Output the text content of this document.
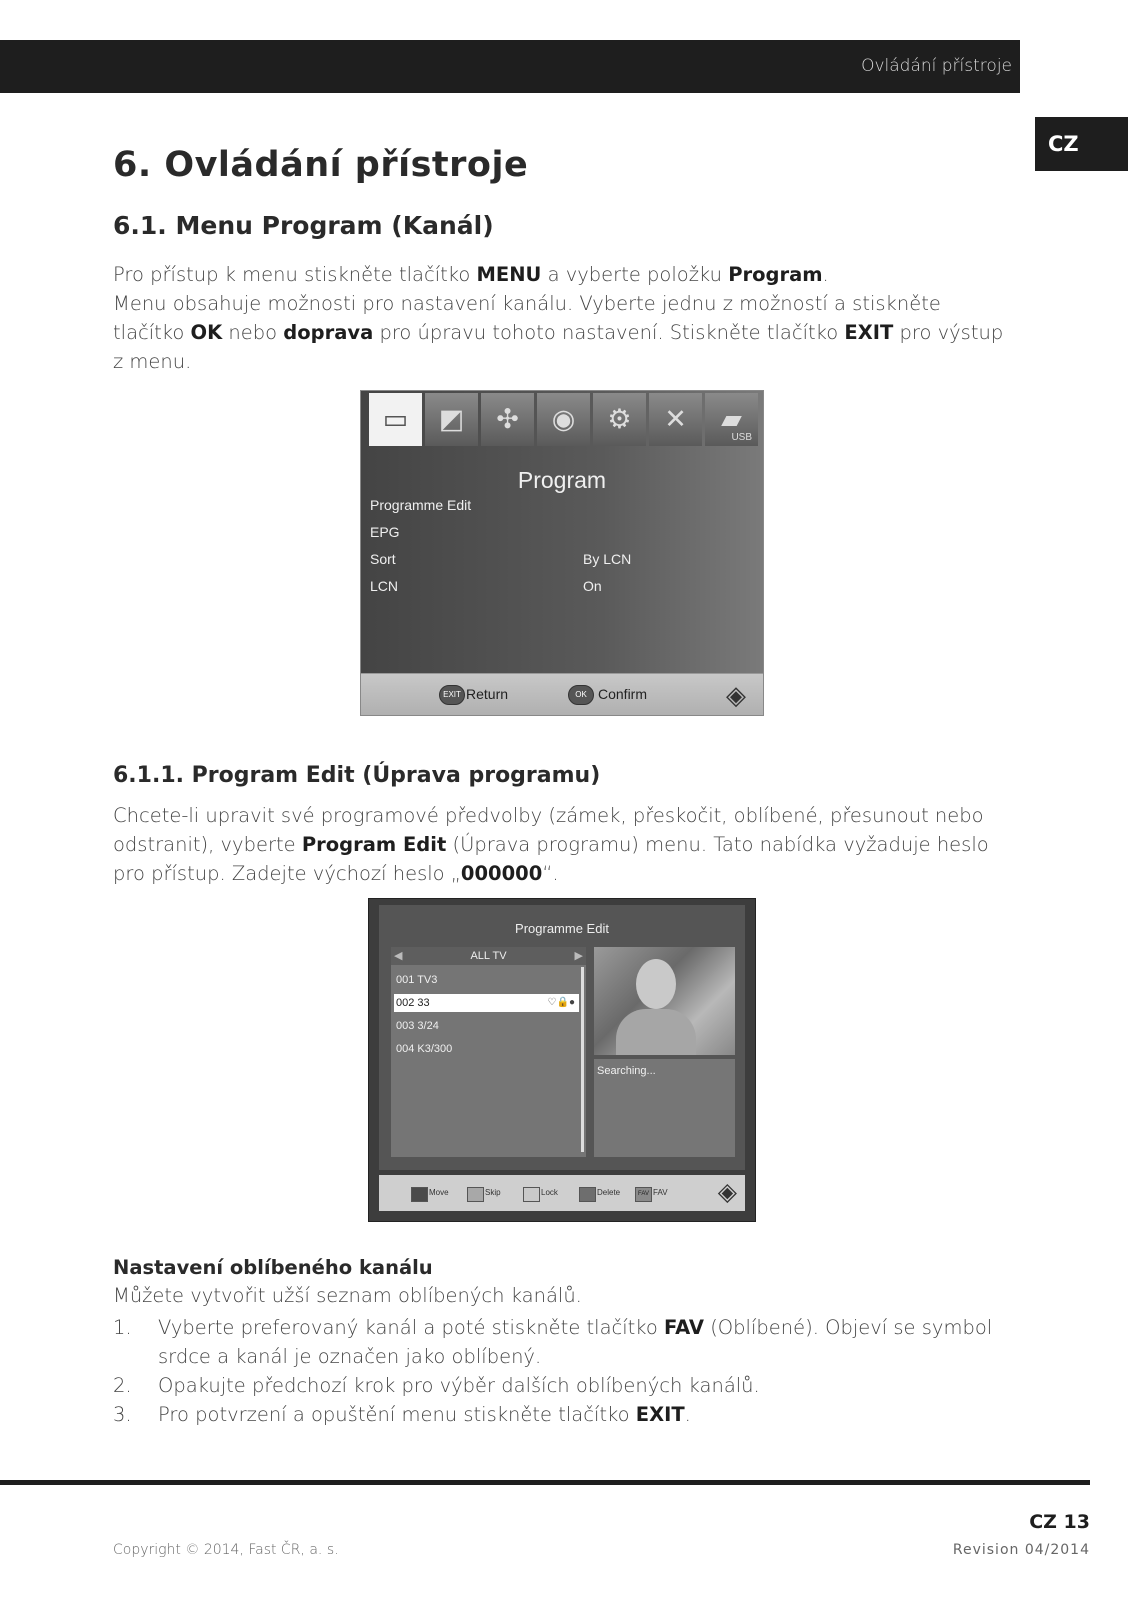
Ovládání přístroje
CZ
6. Ovládání přístroje
6.1. Menu Program (Kanál)

Pro přístup k menu stiskněte tlačítko MENU a vyberte položku Program.
Menu obsahuje možnosti pro nastavení kanálu. Vyberte jednu z možností a stiskněte tlačítko OK nebo doprava pro úpravu tohoto nastavení. Stiskněte tlačítko EXIT pro výstup z menu.

▭	◩	✣	◉	⚙	✕	▰
USB
Program
Programme Edit
EPG
Sort	By LCN
LCN	On
EXIT Return	OK Confirm	◈
6.1.1. Program Edit (Úprava programu)

Chcete-li upravit své programové předvolby (zámek, přeskočit, oblíbené, přesunout nebo odstranit), vyberte Program Edit (Úprava programu) menu. Tato nabídka vyžaduje heslo pro přístup. Zadejte výchozí heslo „000000“.

Programme Edit
◀	ALL TV	▶
001 TV3
002 33	♡🔒●
003 3/24
004 K3/300
Searching...
Move	Skip	Lock	Delete	FAV FAV ◈
Nastavení oblíbeného kanálu

Můžete vytvořit užší seznam oblíbených kanálů.

1. Vyberte preferovaný kanál a poté stiskněte tlačítko FAV (Oblíbené). Objeví se symbol srdce a kanál je označen jako oblíbený.
2. Opakujte předchozí krok pro výběr dalších oblíbených kanálů.
3. Pro potvrzení a opuštění menu stiskněte tlačítko EXIT.
CZ 13
Copyright © 2014, Fast ČR, a. s.	Revision 04/2014
